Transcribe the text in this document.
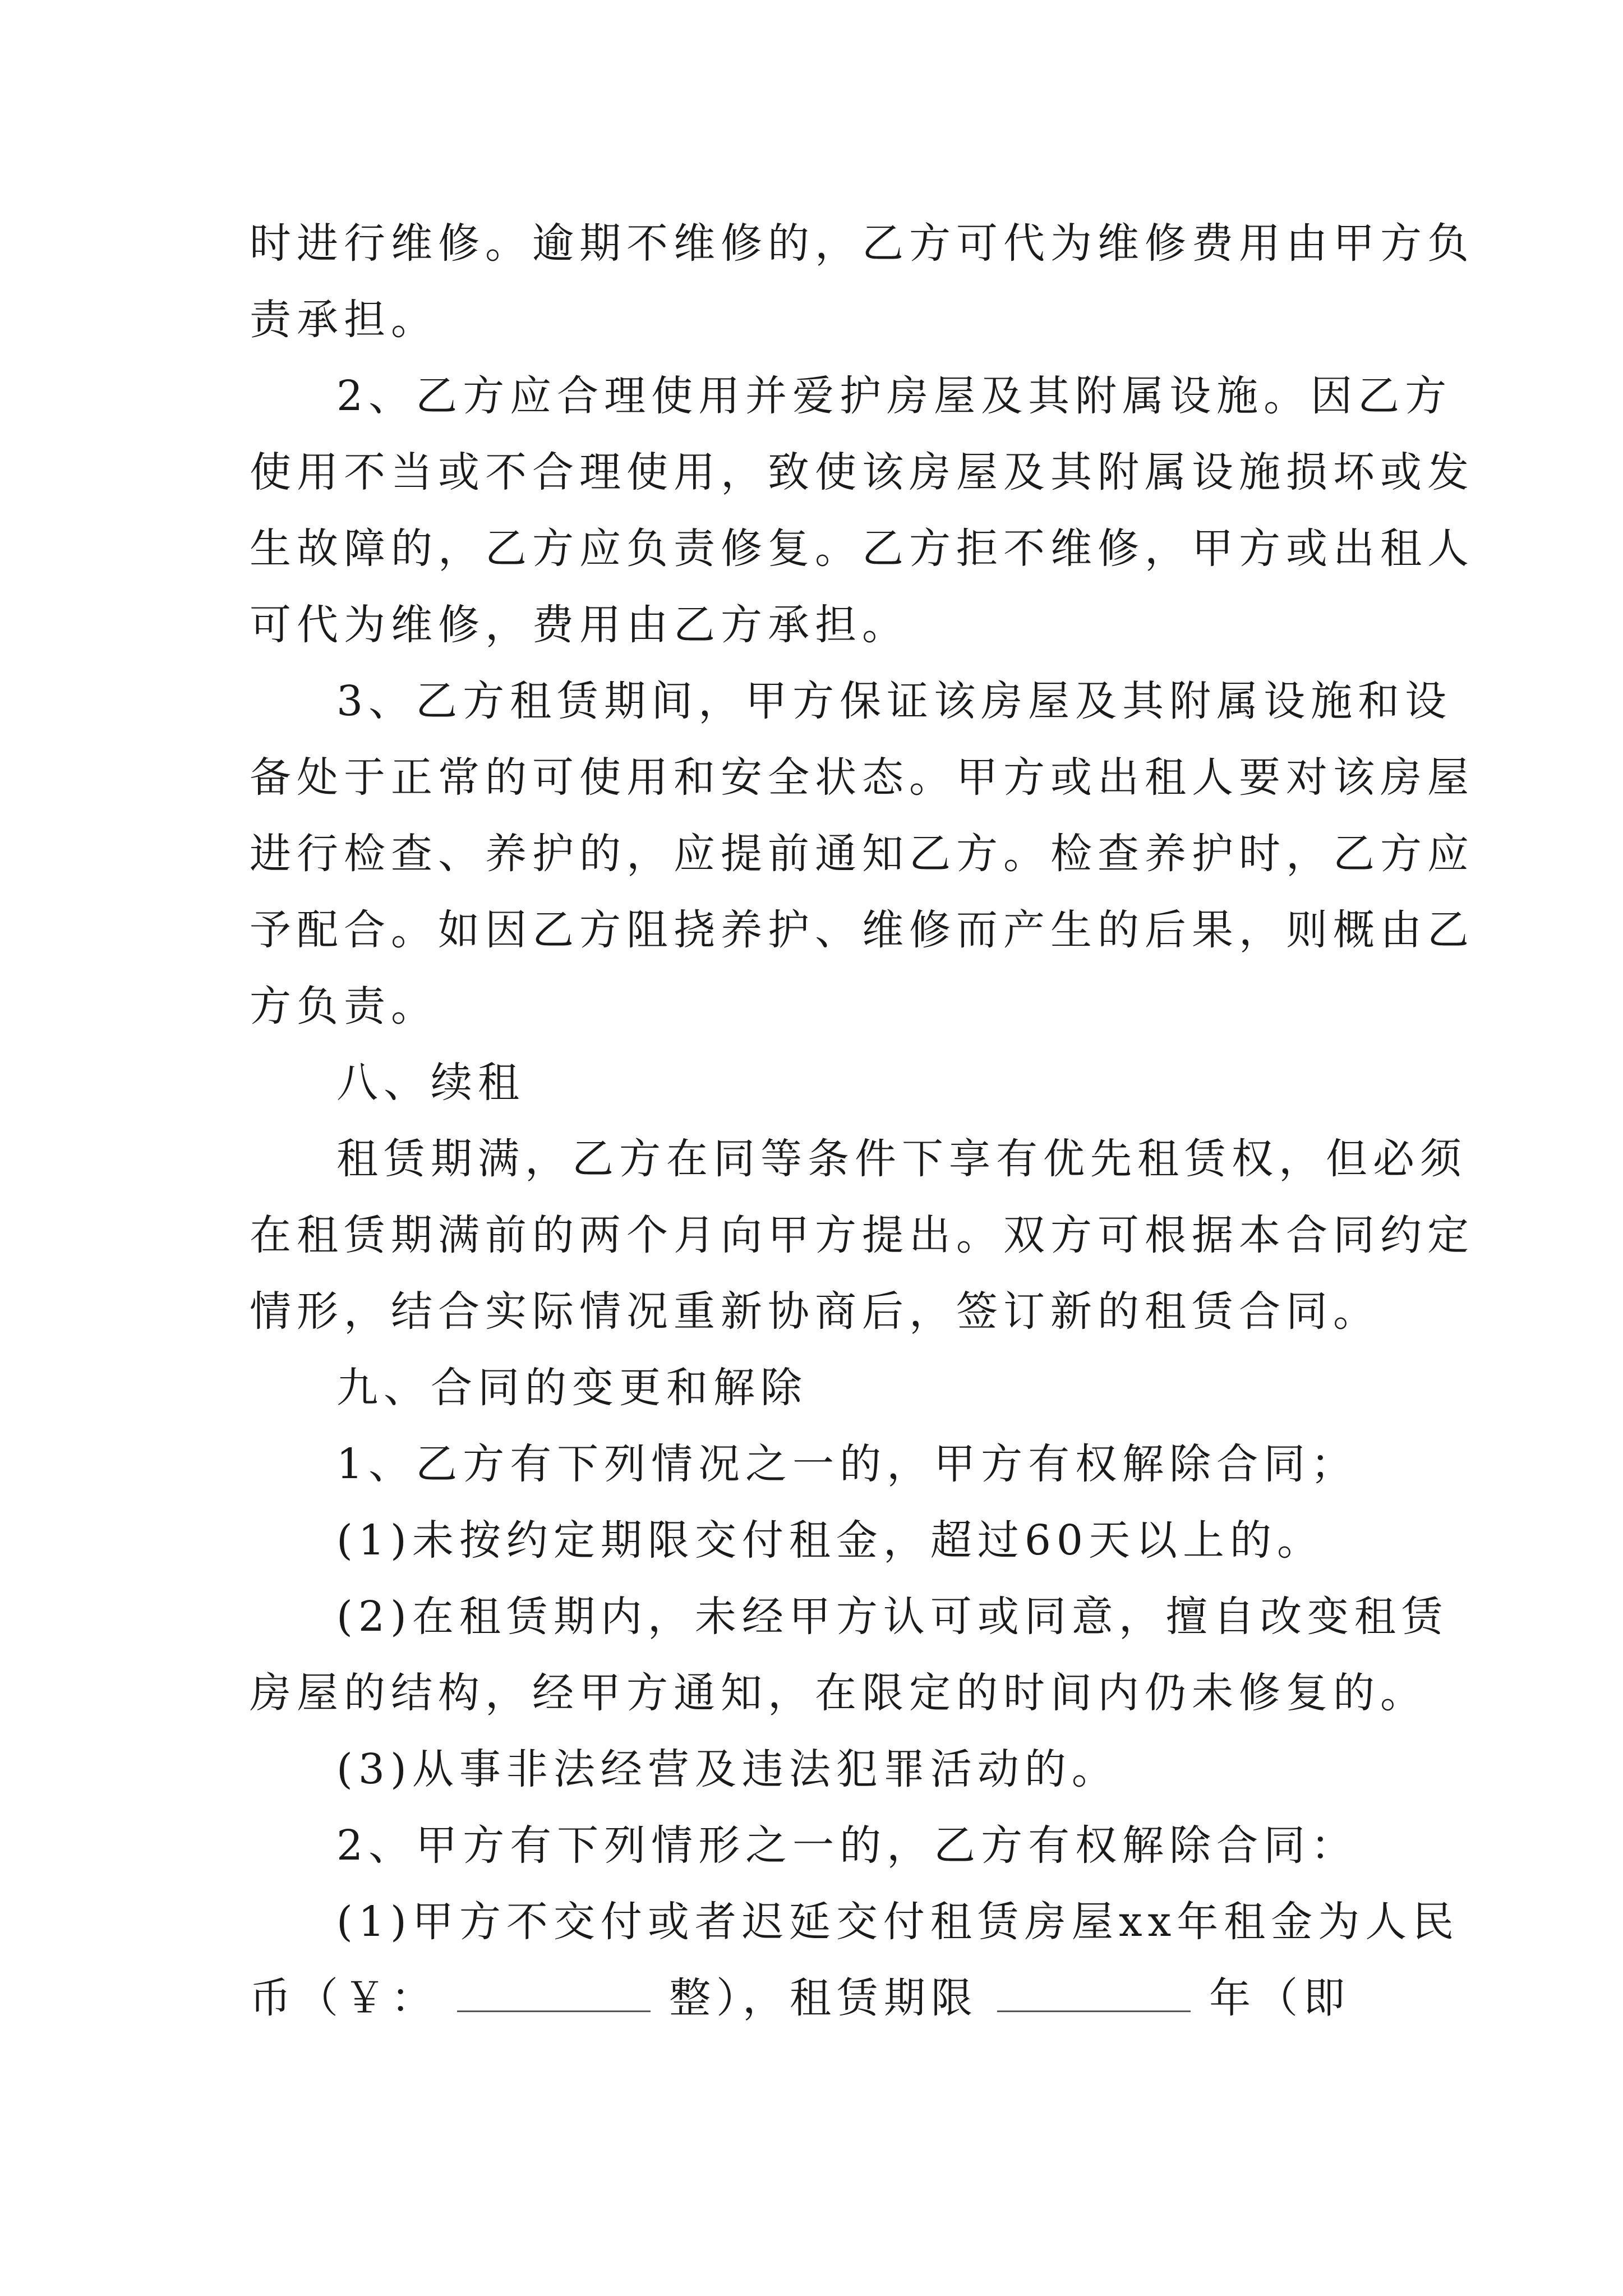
时进行维修。逾期不维修的，乙方可代为维修费用由甲方负
责承担。
2、乙方应合理使用并爱护房屋及其附属设施。因乙方
使用不当或不合理使用，致使该房屋及其附属设施损坏或发
生故障的，乙方应负责修复。乙方拒不维修，甲方或出租人
可代为维修，费用由乙方承担。
3、乙方租赁期间，甲方保证该房屋及其附属设施和设
备处于正常的可使用和安全状态。甲方或出租人要对该房屋
进行检查、养护的，应提前通知乙方。检查养护时，乙方应
予配合。如因乙方阻挠养护、维修而产生的后果，则概由乙
方负责。
八、续租
租赁期满，乙方在同等条件下享有优先租赁权，但必须
在租赁期满前的两个月向甲方提出。双方可根据本合同约定
情形，结合实际情况重新协商后，签订新的租赁合同。
九、合同的变更和解除
1、乙方有下列情况之一的，甲方有权解除合同；
(1)未按约定期限交付租金，超过60天以上的。
(2)在租赁期内，未经甲方认可或同意，擅自改变租赁
房屋的结构，经甲方通知，在限定的时间内仍未修复的。
(3)从事非法经营及违法犯罪活动的。
2、甲方有下列情形之一的，乙方有权解除合同：
(1)甲方不交付或者迟延交付租赁房屋xx年租金为人民
币（￥：	整），租赁期限	年（即
